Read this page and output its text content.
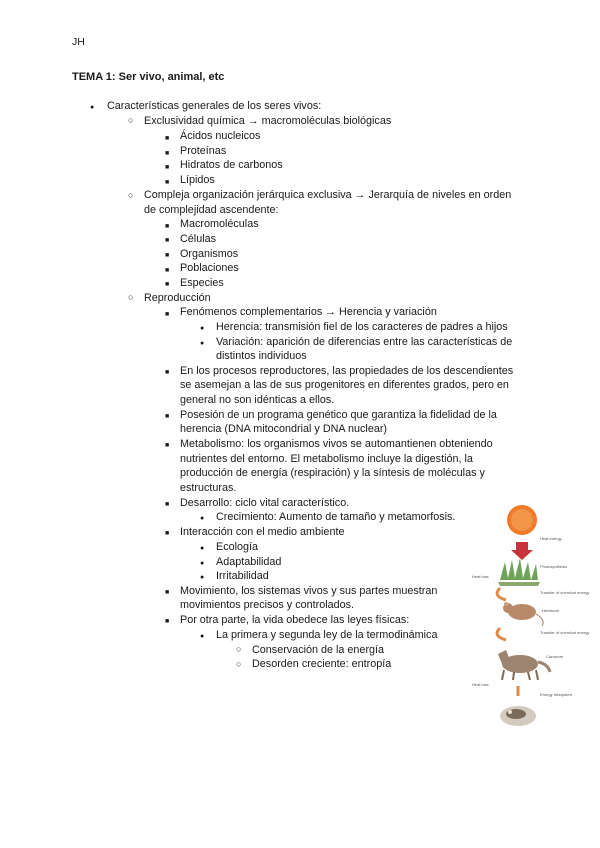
JH
TEMA 1: Ser vivo, animal, etc
●
Características generales de los seres vivos:
○
Exclusividad química → macromoléculas biológicas
■
Ácidos nucleicos
■
Proteínas
■
Hidratos de carbonos
■
Lípidos
○
Compleja organización jerárquica exclusiva → Jerarquía de niveles en orden
de complejidad ascendente:
■
Macromoléculas
■
Células
■
Organismos
■
Poblaciones
■
Especies
○
Reproducción
■
Fenómenos complementarios → Herencia y variación
●
Herencia: transmisión fiel de los caracteres de padres a hijos
●
Variación: aparición de diferencias entre las características de
distintos individuos
■
En los procesos reproductores, las propiedades de los descendientes
se asemejan a las de sus progenitores en diferentes grados, pero en
general no son idénticas a ellos.
■
Posesión de un programa genético que garantiza la fidelidad de la
herencia (DNA mitocondrial y DNA nuclear)
■
Metabolismo: los organismos vivos se automantienen obteniendo
nutrientes del entorno. El metabolismo incluye la digestión, la
producción de energía (respiración) y la síntesis de moléculas y
estructuras.
■
Desarrollo: ciclo vital característico.
●
Crecimiento: Aumento de tamaño y metamorfosis.
■
Interacción con el medio ambiente
●
Ecología
●
Adaptabilidad
●
Irritabilidad
■
Movimiento, los sistemas vivos y sus partes muestran
movimientos precisos y controlados.
■
Por otra parte, la vida obedece las leyes físicas:
●
La primera y segunda ley de la termodinámica
○
Conservación de la energía
○
Desorden creciente: entropía
Heat energy
Photosynthesis
Heat loss
Transfer of chemical energy
Herbivore
Transfer of chemical energy
Carnivore
Heat loss
Energy dissipated
